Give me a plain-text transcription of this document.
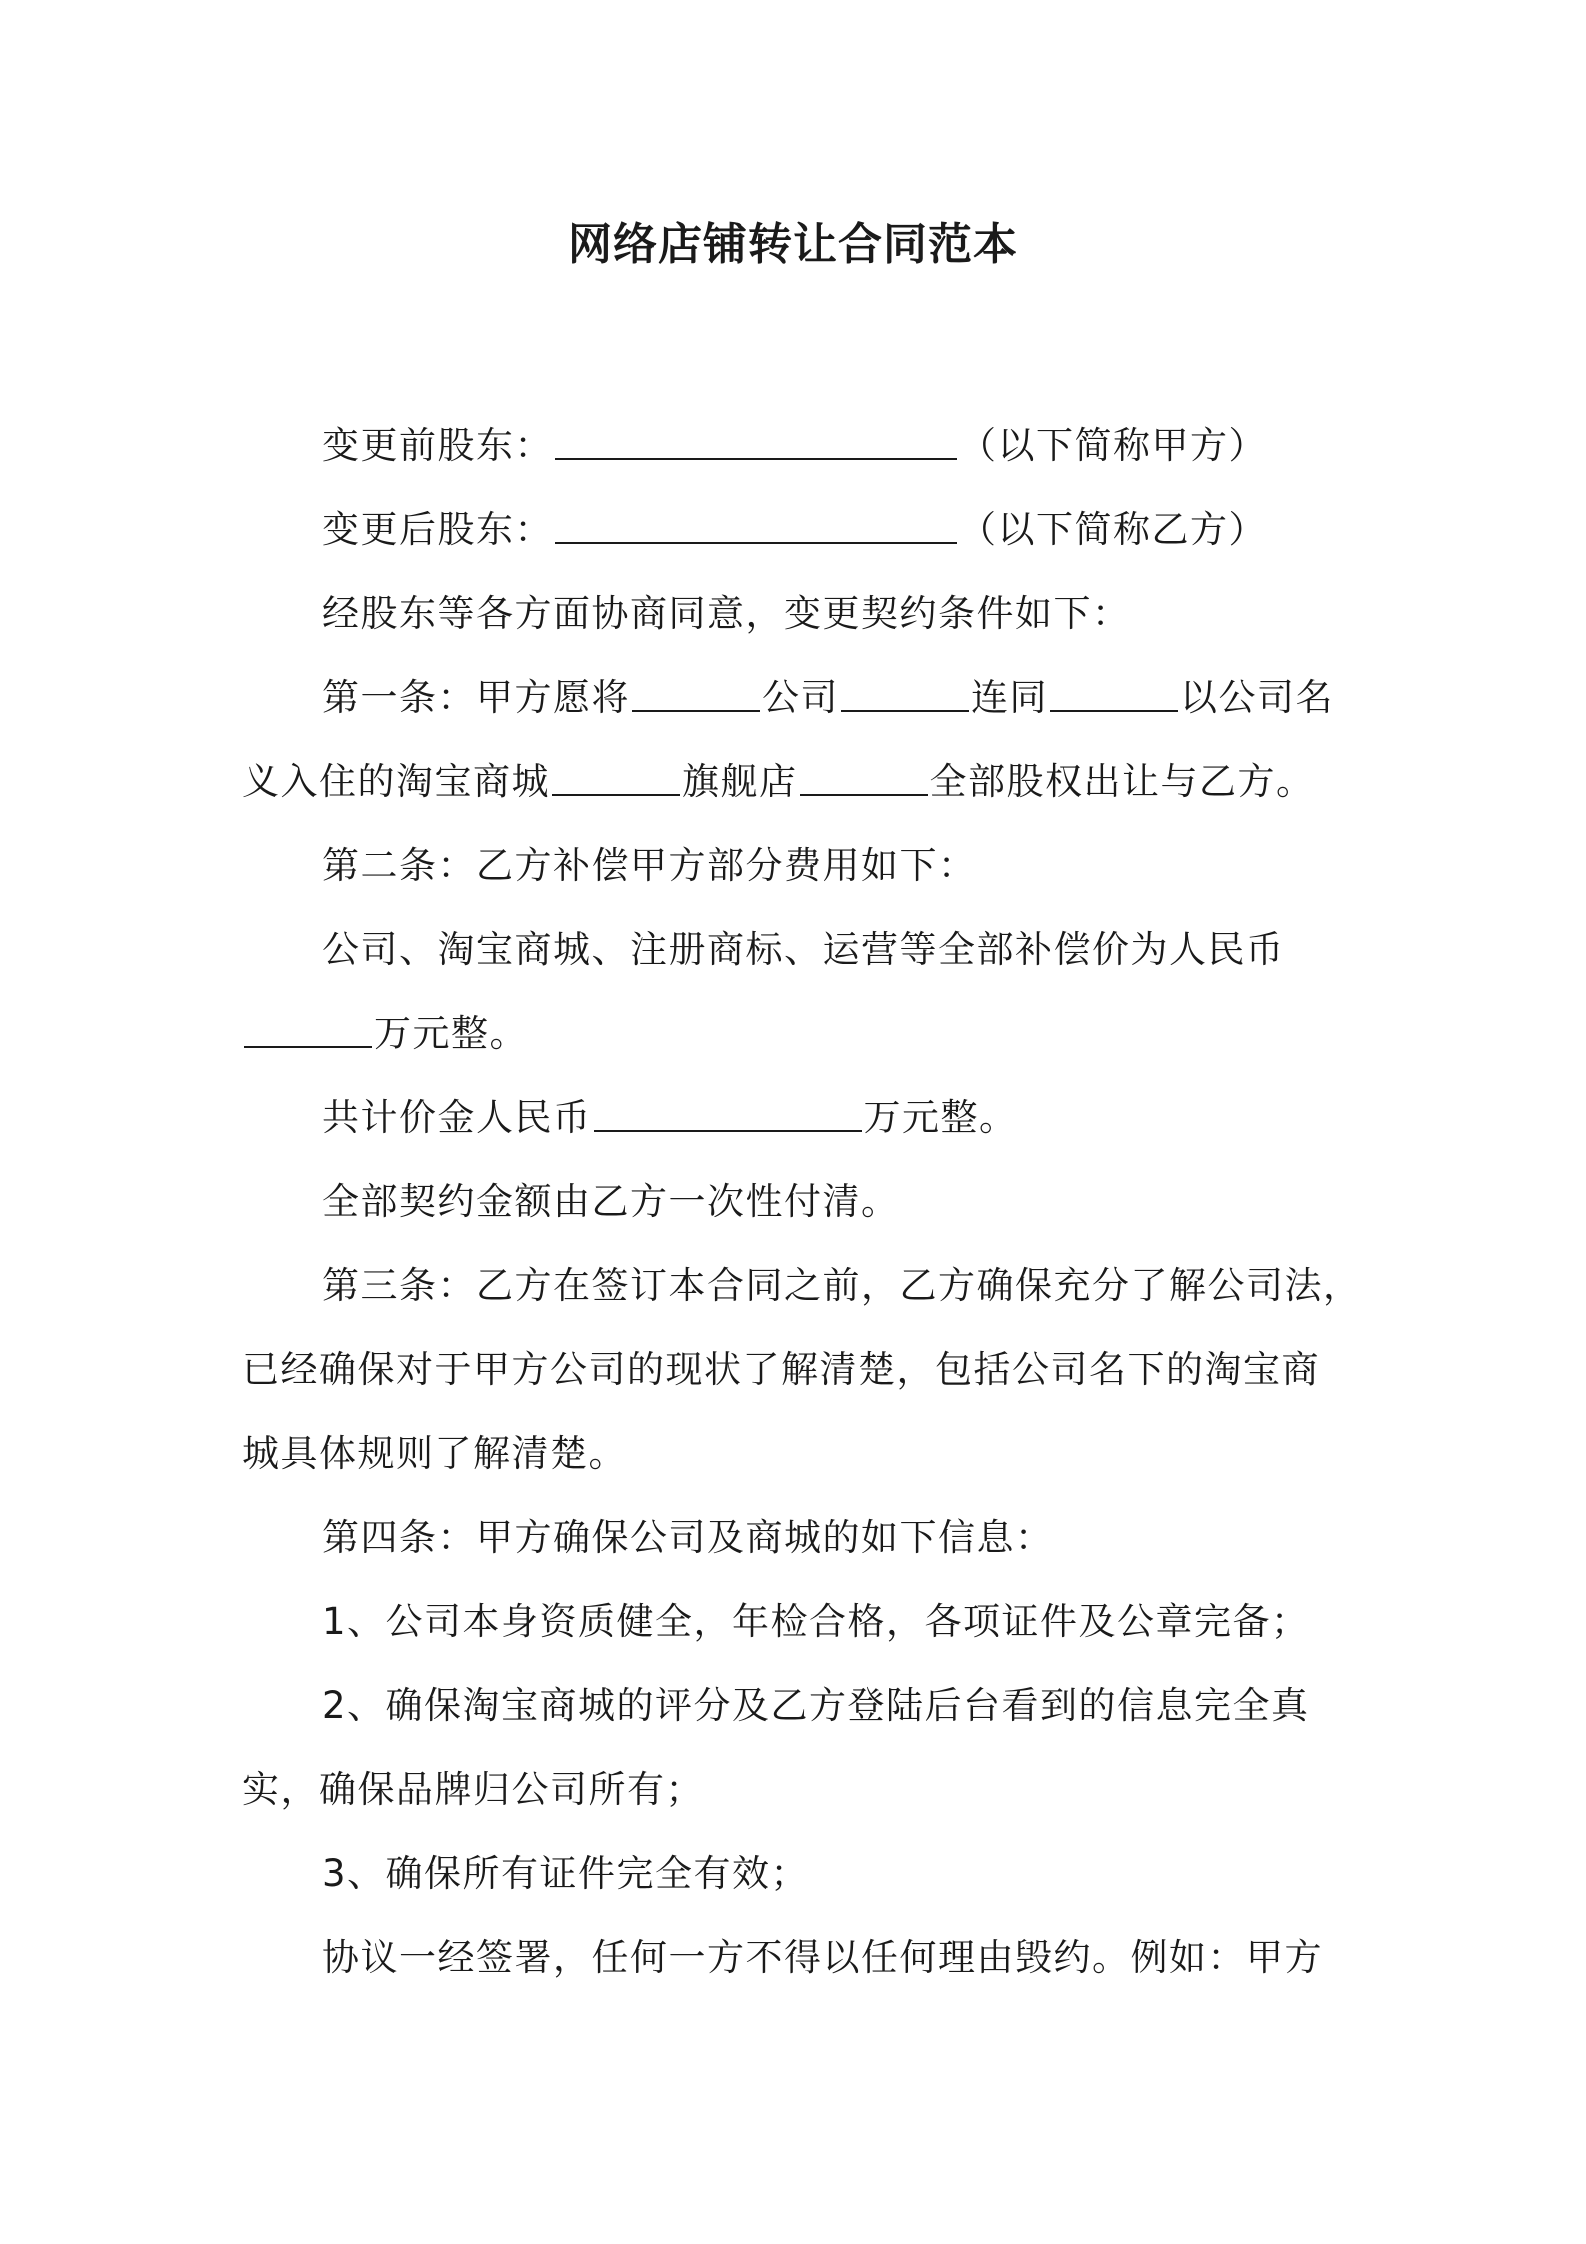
网络店铺转让合同范本

变更前股东：	（以下简称甲方）

变更后股东：	（以下简称乙方）

经股东等各方面协商同意，变更契约条件如下：

第一条：甲方愿将	公司	连同	以公司名

义入住的淘宝商城	旗舰店	全部股权出让与乙方。

第二条：乙方补偿甲方部分费用如下：

公司、淘宝商城、注册商标、运营等全部补偿价为人民币

万元整。

共计价金人民币	万元整。

全部契约金额由乙方一次性付清。

第三条：乙方在签订本合同之前，乙方确保充分了解公司法，

已经确保对于甲方公司的现状了解清楚，包括公司名下的淘宝商

城具体规则了解清楚。

第四条：甲方确保公司及商城的如下信息：

1、公司本身资质健全，年检合格，各项证件及公章完备；

2、确保淘宝商城的评分及乙方登陆后台看到的信息完全真

实，确保品牌归公司所有；

3、确保所有证件完全有效；

协议一经签署，任何一方不得以任何理由毁约。例如：甲方
